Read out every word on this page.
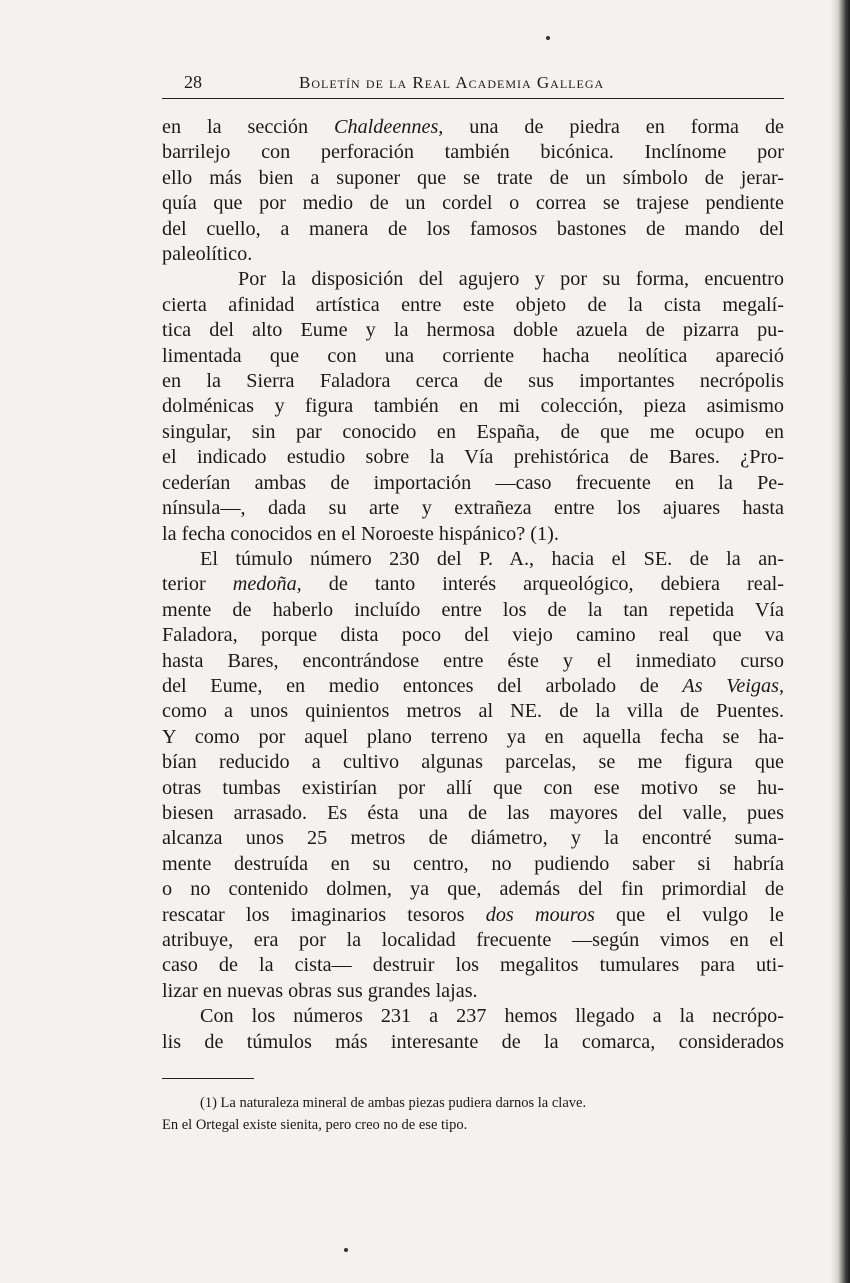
28	Boletín de la Real Academia Gallega

en la sección Chaldeennes, una de piedra en forma de
barrilejo con perforación también bicónica. Inclínome por
ello más bien a suponer que se trate de un símbolo de jerar-
quía que por medio de un cordel o correa se trajese pendiente
del cuello, a manera de los famosos bastones de mando del
paleolítico.

Por la disposición del agujero y por su forma, encuentro
cierta afinidad artística entre este objeto de la cista megalí-
tica del alto Eume y la hermosa doble azuela de pizarra pu-
limentada que con una corriente hacha neolítica apareció
en la Sierra Faladora cerca de sus importantes necrópolis
dolménicas y figura también en mi colección, pieza asimismo
singular, sin par conocido en España, de que me ocupo en
el indicado estudio sobre la Vía prehistórica de Bares. ¿Pro-
cederían ambas de importación —caso frecuente en la Pe-
nínsula—, dada su arte y extrañeza entre los ajuares hasta
la fecha conocidos en el Noroeste hispánico? (1).

El túmulo número 230 del P. A., hacia el SE. de la an-
terior medoña, de tanto interés arqueológico, debiera real-
mente de haberlo incluído entre los de la tan repetida Vía
Faladora, porque dista poco del viejo camino real que va
hasta Bares, encontrándose entre éste y el inmediato curso
del Eume, en medio entonces del arbolado de As Veigas,
como a unos quinientos metros al NE. de la villa de Puentes.
Y como por aquel plano terreno ya en aquella fecha se ha-
bían reducido a cultivo algunas parcelas, se me figura que
otras tumbas existirían por allí que con ese motivo se hu-
biesen arrasado. Es ésta una de las mayores del valle, pues
alcanza unos 25 metros de diámetro, y la encontré suma-
mente destruída en su centro, no pudiendo saber si habría
o no contenido dolmen, ya que, además del fin primordial de
rescatar los imaginarios tesoros dos mouros que el vulgo le
atribuye, era por la localidad frecuente —según vimos en el
caso de la cista— destruir los megalitos tumulares para uti-
lizar en nuevas obras sus grandes lajas.

Con los números 231 a 237 hemos llegado a la necrópo-
lis de túmulos más interesante de la comarca, considerados

(1) La naturaleza mineral de ambas piezas pudiera darnos la clave.
En el Ortegal existe sienita, pero creo no de ese tipo.
